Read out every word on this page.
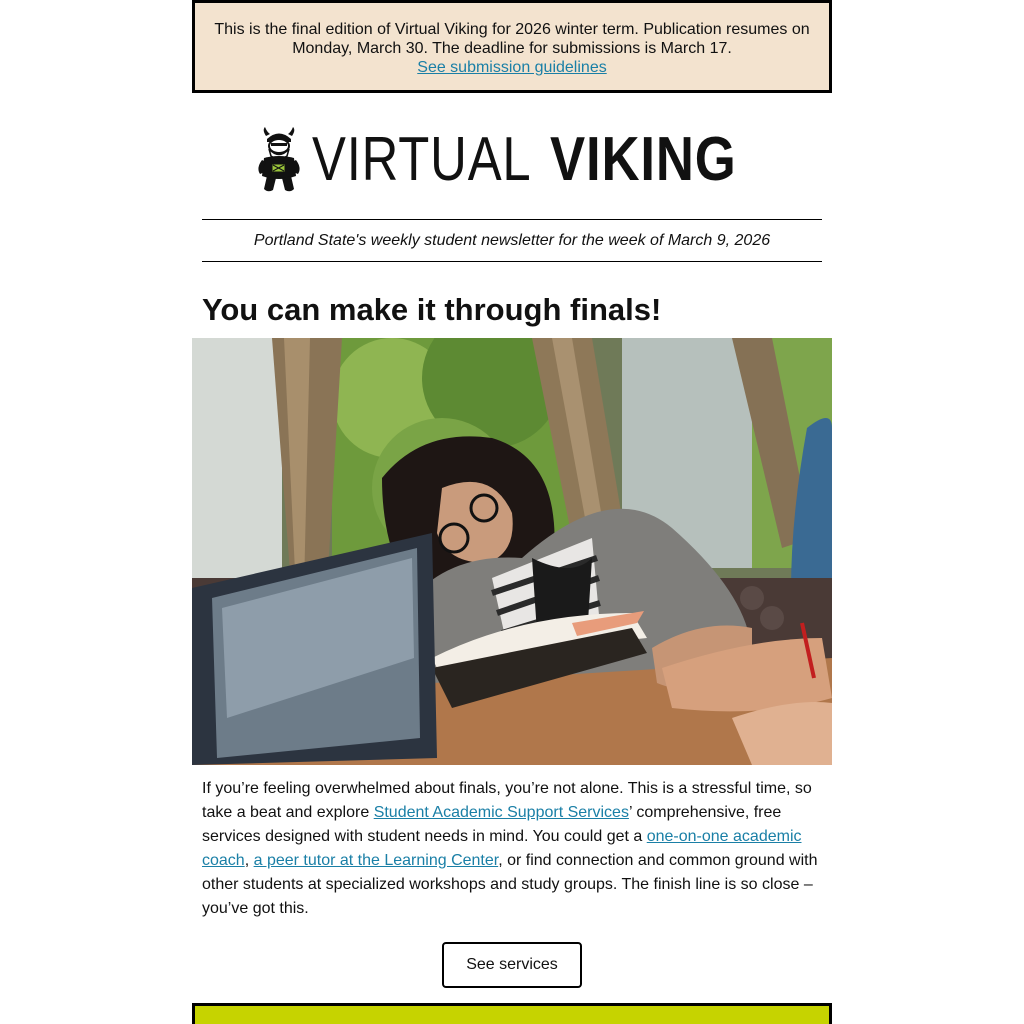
This is the final edition of Virtual Viking for 2026 winter term. Publication resumes on
Monday, March 30. The deadline for submissions is March 17.
See submission guidelines
VIRTUAL VIKING
Portland State's weekly student newsletter for the week of March 9, 2026
You can make it through finals!
If you’re feeling overwhelmed about finals, you’re not alone. This is a stressful time, so take a beat and explore Student Academic Support Services’ comprehensive, free services designed with student needs in mind. You could get a one-on-one academic coach, a peer tutor at the Learning Center, or find connection and common ground with other students at specialized workshops and study groups. The finish line is so close – you’ve got this.
See services
